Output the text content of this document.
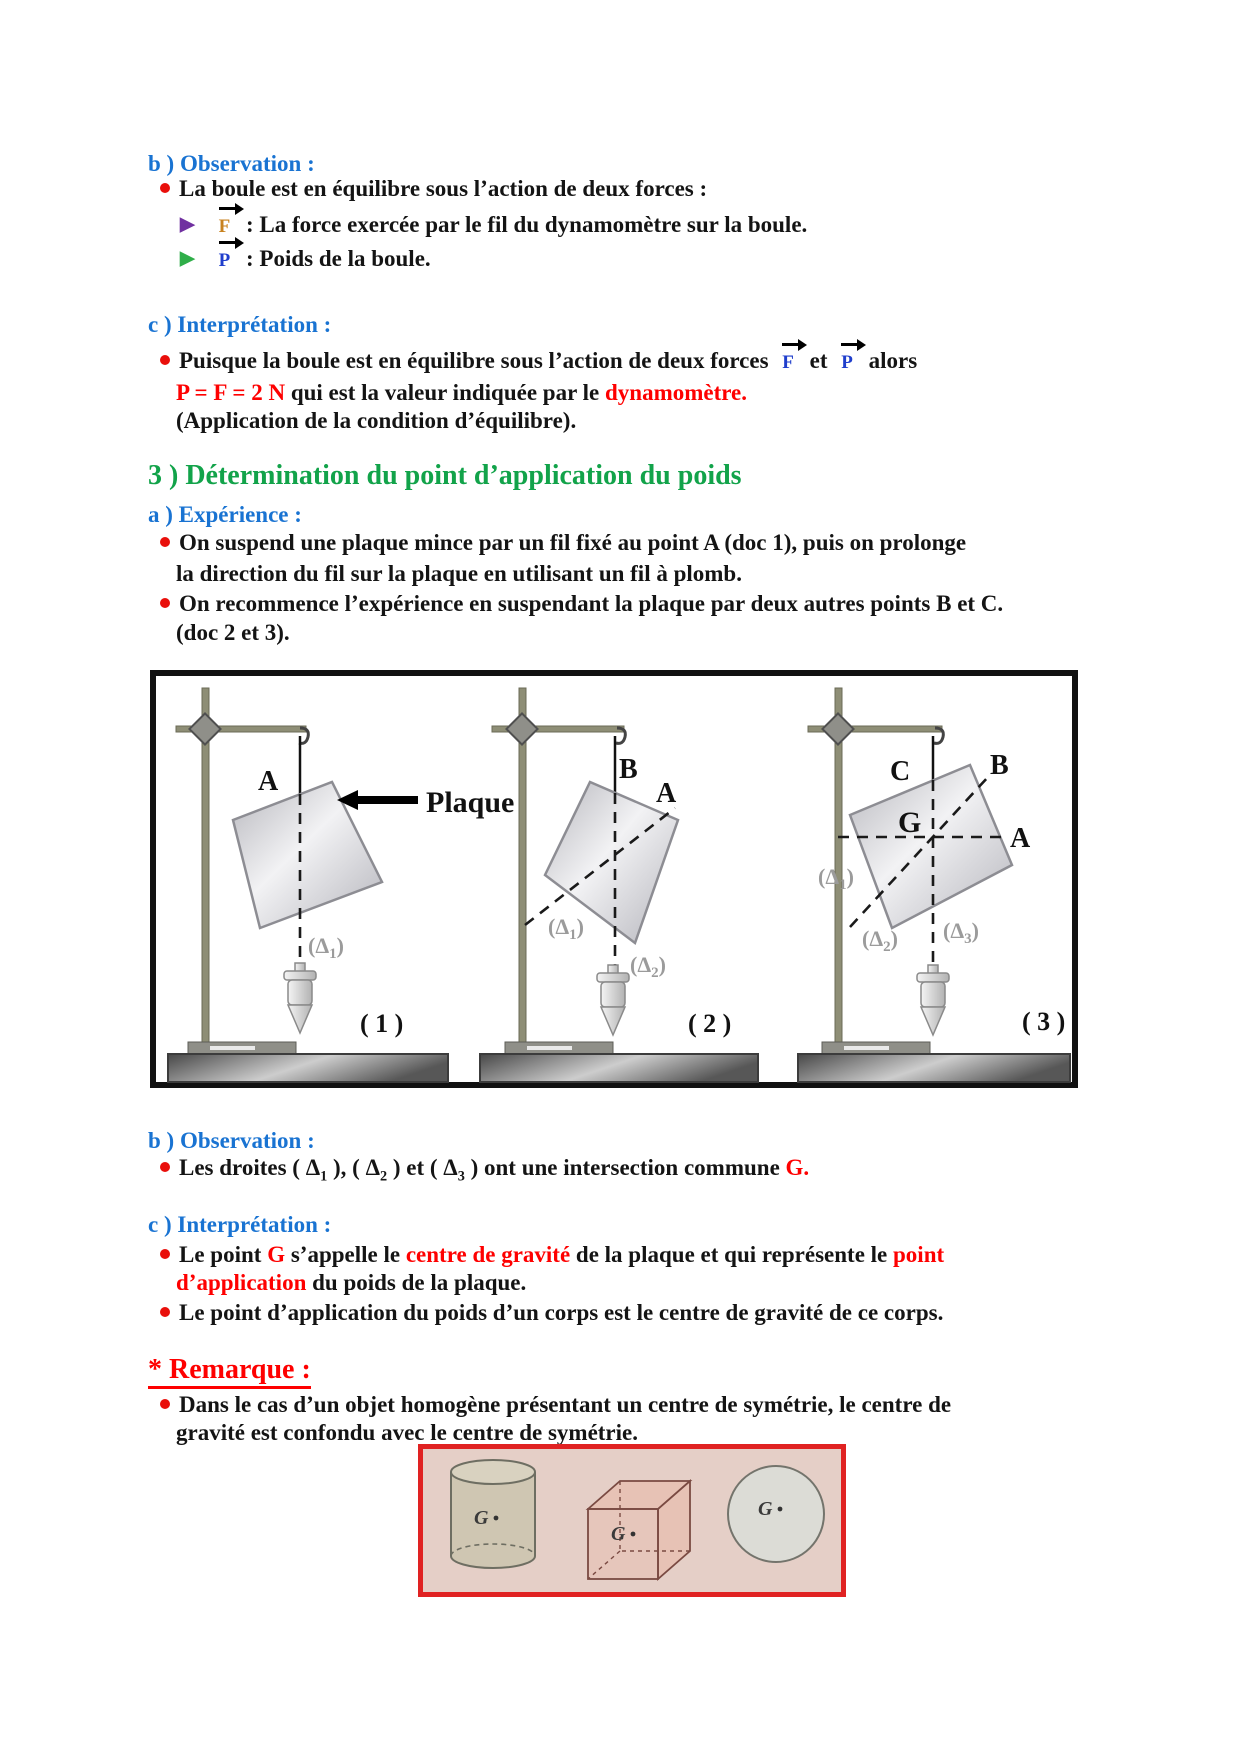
b ) Observation :
La boule est en équilibre sous l’action de deux forces :
▶ F : La force exercée par le fil du dynamomètre sur la boule.
▶ P : Poids de la boule.
c ) Interprétation :
Puisque la boule est en équilibre sous l’action de deux forces F et P alors
P = F = 2 N qui est la valeur indiquée par le dynamomètre.
(Application de la condition d’équilibre).
3 ) Détermination du point d’application du poids
a ) Expérience :
On suspend une plaque mince par un fil fixé au point A (doc 1), puis on prolonge
la direction du fil sur la plaque en utilisant un fil à plomb.
On recommence l’expérience en suspendant la plaque par deux autres points B et C.
(doc 2 et 3).
A
Plaque
$(\Delta_1)$
( 1 )
B
A
$(\Delta_1)$
$(\Delta_2)$
( 2 )
C	B
G	A
$(\Delta_1)$
$(\Delta_2)$ $(\Delta_3)$
( 3 )
b ) Observation :
Les droites ( $\Delta_1$ ), ( $\Delta_2$ ) et ( $\Delta_3$ ) ont une intersection commune G.
c ) Interprétation :
Le point G s’appelle le centre de gravité de la plaque et qui représente le point
d’application du poids de la plaque.
Le point d’application du poids d’un corps est le centre de gravité de ce corps.
* Remarque :
Dans le cas d’un objet homogène présentant un centre de symétrie, le centre de
gravité est confondu avec le centre de symétrie.
G
G
G
